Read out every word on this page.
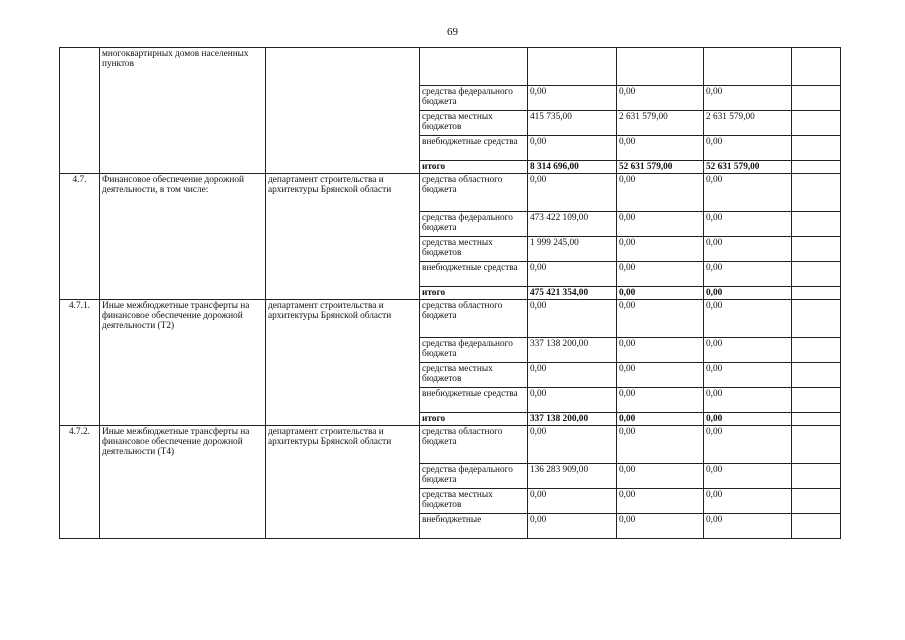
69
	многоквартирных домов населенных пунктов						
			средства федерального бюджета	0,00	0,00	0,00	
			средства местных бюджетов	415 735,00	2 631 579,00	2 631 579,00	
			внебюджетные средства	0,00	0,00	0,00	
			итого	8 314 696,00	52 631 579,00	52 631 579,00	
4.7.	Финансовое обеспечение дорожной деятельности, в том числе:	департамент строительства и архитектуры Брянской области	средства областного бюджета	0,00	0,00	0,00	
			средства федерального бюджета	473 422 109,00	0,00	0,00	
			средства местных бюджетов	1 999 245,00	0,00	0,00	
			внебюджетные средства	0,00	0,00	0,00	
			итого	475 421 354,00	0,00	0,00	
4.7.1.	Иные межбюджетные трансферты на финансовое обеспечение дорожной деятельности (Т2)	департамент строительства и архитектуры Брянской области	средства областного бюджета	0,00	0,00	0,00	
			средства федерального бюджета	337 138 200,00	0,00	0,00	
			средства местных бюджетов	0,00	0,00	0,00	
			внебюджетные средства	0,00	0,00	0,00	
			итого	337 138 200,00	0,00	0,00	
4.7.2.	Иные межбюджетные трансферты на финансовое обеспечение дорожной деятельности (Т4)	департамент строительства и архитектуры Брянской области	средства областного бюджета	0,00	0,00	0,00	
			средства федерального бюджета	136 283 909,00	0,00	0,00	
			средства местных бюджетов	0,00	0,00	0,00	
			внебюджетные	0,00	0,00	0,00	
